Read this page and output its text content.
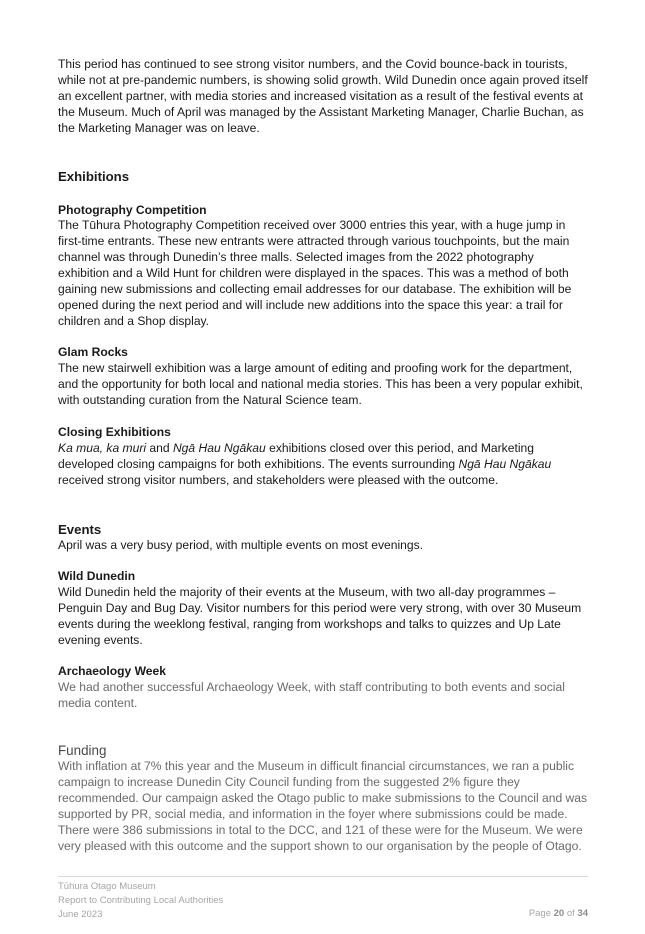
This period has continued to see strong visitor numbers, and the Covid bounce-back in tourists, while not at pre-pandemic numbers, is showing solid growth. Wild Dunedin once again proved itself an excellent partner, with media stories and increased visitation as a result of the festival events at the Museum. Much of April was managed by the Assistant Marketing Manager, Charlie Buchan, as the Marketing Manager was on leave.

Exhibitions
Photography Competition

The Tūhura Photography Competition received over 3000 entries this year, with a huge jump in first-time entrants. These new entrants were attracted through various touchpoints, but the main channel was through Dunedin’s three malls. Selected images from the 2022 photography exhibition and a Wild Hunt for children were displayed in the spaces. This was a method of both gaining new submissions and collecting email addresses for our database. The exhibition will be opened during the next period and will include new additions into the space this year: a trail for children and a Shop display.

Glam Rocks

The new stairwell exhibition was a large amount of editing and proofing work for the department, and the opportunity for both local and national media stories. This has been a very popular exhibit, with outstanding curation from the Natural Science team.

Closing Exhibitions

Ka mua, ka muri and Ngā Hau Ngākau exhibitions closed over this period, and Marketing developed closing campaigns for both exhibitions. The events surrounding Ngā Hau Ngākau received strong visitor numbers, and stakeholders were pleased with the outcome.

Events

April was a very busy period, with multiple events on most evenings.

Wild Dunedin

Wild Dunedin held the majority of their events at the Museum, with two all-day programmes – Penguin Day and Bug Day. Visitor numbers for this period were very strong, with over 30 Museum events during the weeklong festival, ranging from workshops and talks to quizzes and Up Late evening events.

Archaeology Week

We had another successful Archaeology Week, with staff contributing to both events and social media content.

Funding

With inflation at 7% this year and the Museum in difficult financial circumstances, we ran a public campaign to increase Dunedin City Council funding from the suggested 2% figure they recommended. Our campaign asked the Otago public to make submissions to the Council and was supported by PR, social media, and information in the foyer where submissions could be made. There were 386 submissions in total to the DCC, and 121 of these were for the Museum. We were very pleased with this outcome and the support shown to our organisation by the people of Otago.

Tūhura Otago Museum
Report to Contributing Local Authorities
June 2023	Page 20 of 34
